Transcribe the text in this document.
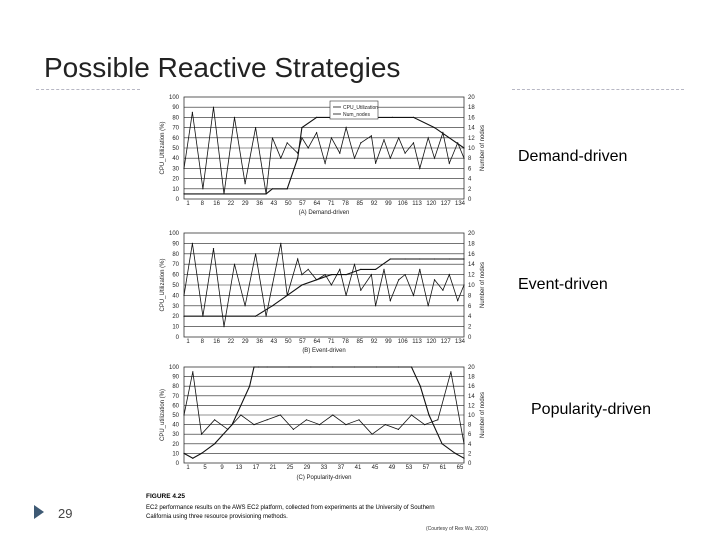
Possible Reactive Strategies
Demand-driven
Event-driven
Popularity-driven
100
90
80
70
60
50
40
30
20
10
0
20
18
16
14
12
10
8
6
4
2
0
1 8 16 22 29 36 43 50 57 64 71 78 85 92 99 106 113 120 127 134
(A) Demand-driven
CPU_Utilization (%)	Number of nodes
CPU_Utilization
Num_nodes
100
90
80
70
60
50
40
30
20
10
0
20
18
16
14
12
10
8
6
4
2
0
1 8 16 22 29 36 43 50 57 64 71 78 85 92 99 106 113 120 127 134
(B) Event-driven
CPU_Utilization (%)	Number of nodes
100
90
80
70
60
50
40
30
20
10
0
20
18
16
14
12
10
8
6
4
2
0
1 5 9 13 17 21 25 29 33 37 41 45 49 53 57 61 65
(C) Popularity-driven
CPU_utilization (%)	Number of nodes
FIGURE 4.25
EC2 performance results on the AWS EC2 platform, collected from experiments at the University of Southern
California using three resource provisioning methods.
(Courtesy of Rex Wu, 2010)
29
